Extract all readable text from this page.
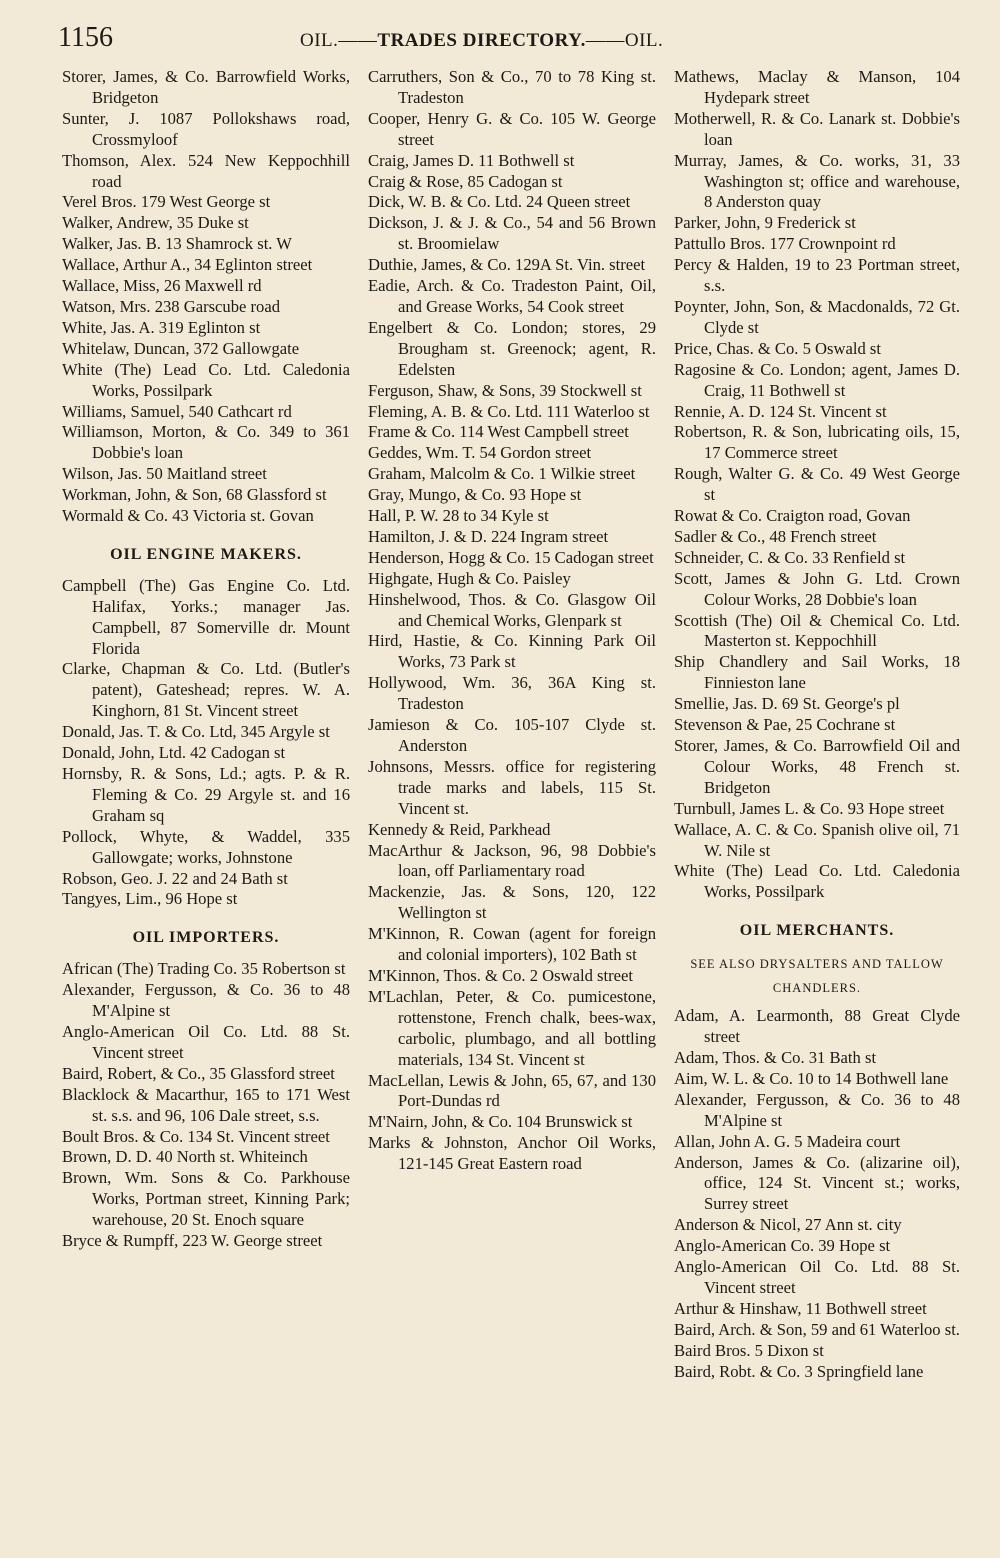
1156	OIL.——TRADES DIRECTORY.——OIL.

Storer, James, & Co. Barrowfield Works, Bridgeton

Sunter, J. 1087 Pollokshaws road, Crossmyloof

Thomson, Alex. 524 New Keppochhill road

Verel Bros. 179 West George st

Walker, Andrew, 35 Duke st

Walker, Jas. B. 13 Shamrock st. W

Wallace, Arthur A., 34 Eglinton street

Wallace, Miss, 26 Maxwell rd

Watson, Mrs. 238 Garscube road

White, Jas. A. 319 Eglinton st

Whitelaw, Duncan, 372 Gallowgate

White (The) Lead Co. Ltd. Caledonia Works, Possilpark

Williams, Samuel, 540 Cathcart rd

Williamson, Morton, & Co. 349 to 361 Dobbie's loan

Wilson, Jas. 50 Maitland street

Workman, John, & Son, 68 Glassford st

Wormald & Co. 43 Victoria st. Govan

OIL ENGINE MAKERS.

Campbell (The) Gas Engine Co. Ltd. Halifax, Yorks.; manager Jas. Campbell, 87 Somerville dr. Mount Florida

Clarke, Chapman & Co. Ltd. (Butler's patent), Gateshead; repres. W. A. Kinghorn, 81 St. Vincent street

Donald, Jas. T. & Co. Ltd, 345 Argyle st

Donald, John, Ltd. 42 Cadogan st

Hornsby, R. & Sons, Ld.; agts. P. & R. Fleming & Co. 29 Argyle st. and 16 Graham sq

Pollock, Whyte, & Waddel, 335 Gallowgate; works, Johnstone

Robson, Geo. J. 22 and 24 Bath st

Tangyes, Lim., 96 Hope st

OIL IMPORTERS.

African (The) Trading Co. 35 Robertson st

Alexander, Fergusson, & Co. 36 to 48 M'Alpine st

Anglo-American Oil Co. Ltd. 88 St. Vincent street

Baird, Robert, & Co., 35 Glassford street

Blacklock & Macarthur, 165 to 171 West st. s.s. and 96, 106 Dale street, s.s.

Boult Bros. & Co. 134 St. Vincent street

Brown, D. D. 40 North st. Whiteinch

Brown, Wm. Sons & Co. Parkhouse Works, Portman street, Kinning Park; warehouse, 20 St. Enoch square

Bryce & Rumpff, 223 W. George street

Carruthers, Son & Co., 70 to 78 King st. Tradeston

Cooper, Henry G. & Co. 105 W. George street

Craig, James D. 11 Bothwell st

Craig & Rose, 85 Cadogan st

Dick, W. B. & Co. Ltd. 24 Queen street

Dickson, J. & J. & Co., 54 and 56 Brown st. Broomielaw

Duthie, James, & Co. 129A St. Vin. street

Eadie, Arch. & Co. Tradeston Paint, Oil, and Grease Works, 54 Cook street

Engelbert & Co. London; stores, 29 Brougham st. Greenock; agent, R. Edelsten

Ferguson, Shaw, & Sons, 39 Stockwell st

Fleming, A. B. & Co. Ltd. 111 Waterloo st

Frame & Co. 114 West Campbell street

Geddes, Wm. T. 54 Gordon street

Graham, Malcolm & Co. 1 Wilkie street

Gray, Mungo, & Co. 93 Hope st

Hall, P. W. 28 to 34 Kyle st

Hamilton, J. & D. 224 Ingram street

Henderson, Hogg & Co. 15 Cadogan street

Highgate, Hugh & Co. Paisley

Hinshelwood, Thos. & Co. Glasgow Oil and Chemical Works, Glenpark st

Hird, Hastie, & Co. Kinning Park Oil Works, 73 Park st

Hollywood, Wm. 36, 36A King st. Tradeston

Jamieson & Co. 105-107 Clyde st. Anderston

Johnsons, Messrs. office for registering trade marks and labels, 115 St. Vincent st.

Kennedy & Reid, Parkhead

MacArthur & Jackson, 96, 98 Dobbie's loan, off Parliamentary road

Mackenzie, Jas. & Sons, 120, 122 Wellington st

M'Kinnon, R. Cowan (agent for foreign and colonial importers), 102 Bath st

M'Kinnon, Thos. & Co. 2 Oswald street

M'Lachlan, Peter, & Co. pumicestone, rottenstone, French chalk, bees-wax, carbolic, plumbago, and all bottling materials, 134 St. Vincent st

MacLellan, Lewis & John, 65, 67, and 130 Port-Dundas rd

M'Nairn, John, & Co. 104 Brunswick st

Marks & Johnston, Anchor Oil Works, 121-145 Great Eastern road

Mathews, Maclay & Manson, 104 Hydepark street

Motherwell, R. & Co. Lanark st. Dobbie's loan

Murray, James, & Co. works, 31, 33 Washington st; office and warehouse, 8 Anderston quay

Parker, John, 9 Frederick st

Pattullo Bros. 177 Crownpoint rd

Percy & Halden, 19 to 23 Portman street, s.s.

Poynter, John, Son, & Macdonalds, 72 Gt. Clyde st

Price, Chas. & Co. 5 Oswald st

Ragosine & Co. London; agent, James D. Craig, 11 Bothwell st

Rennie, A. D. 124 St. Vincent st

Robertson, R. & Son, lubricating oils, 15, 17 Commerce street

Rough, Walter G. & Co. 49 West George st

Rowat & Co. Craigton road, Govan

Sadler & Co., 48 French street

Schneider, C. & Co. 33 Renfield st

Scott, James & John G. Ltd. Crown Colour Works, 28 Dobbie's loan

Scottish (The) Oil & Chemical Co. Ltd. Masterton st. Keppochhill

Ship Chandlery and Sail Works, 18 Finnieston lane

Smellie, Jas. D. 69 St. George's pl

Stevenson & Pae, 25 Cochrane st

Storer, James, & Co. Barrowfield Oil and Colour Works, 48 French st. Bridgeton

Turnbull, James L. & Co. 93 Hope street

Wallace, A. C. & Co. Spanish olive oil, 71 W. Nile st

White (The) Lead Co. Ltd. Caledonia Works, Possilpark

OIL MERCHANTS.

SEE ALSO DRYSALTERS AND TALLOW CHANDLERS.

Adam, A. Learmonth, 88 Great Clyde street

Adam, Thos. & Co. 31 Bath st

Aim, W. L. & Co. 10 to 14 Bothwell lane

Alexander, Fergusson, & Co. 36 to 48 M'Alpine st

Allan, John A. G. 5 Madeira court

Anderson, James & Co. (alizarine oil), office, 124 St. Vincent st.; works, Surrey street

Anderson & Nicol, 27 Ann st. city

Anglo-American Co. 39 Hope st

Anglo-American Oil Co. Ltd. 88 St. Vincent street

Arthur & Hinshaw, 11 Bothwell street

Baird, Arch. & Son, 59 and 61 Waterloo st.

Baird Bros. 5 Dixon st

Baird, Robt. & Co. 3 Springfield lane
